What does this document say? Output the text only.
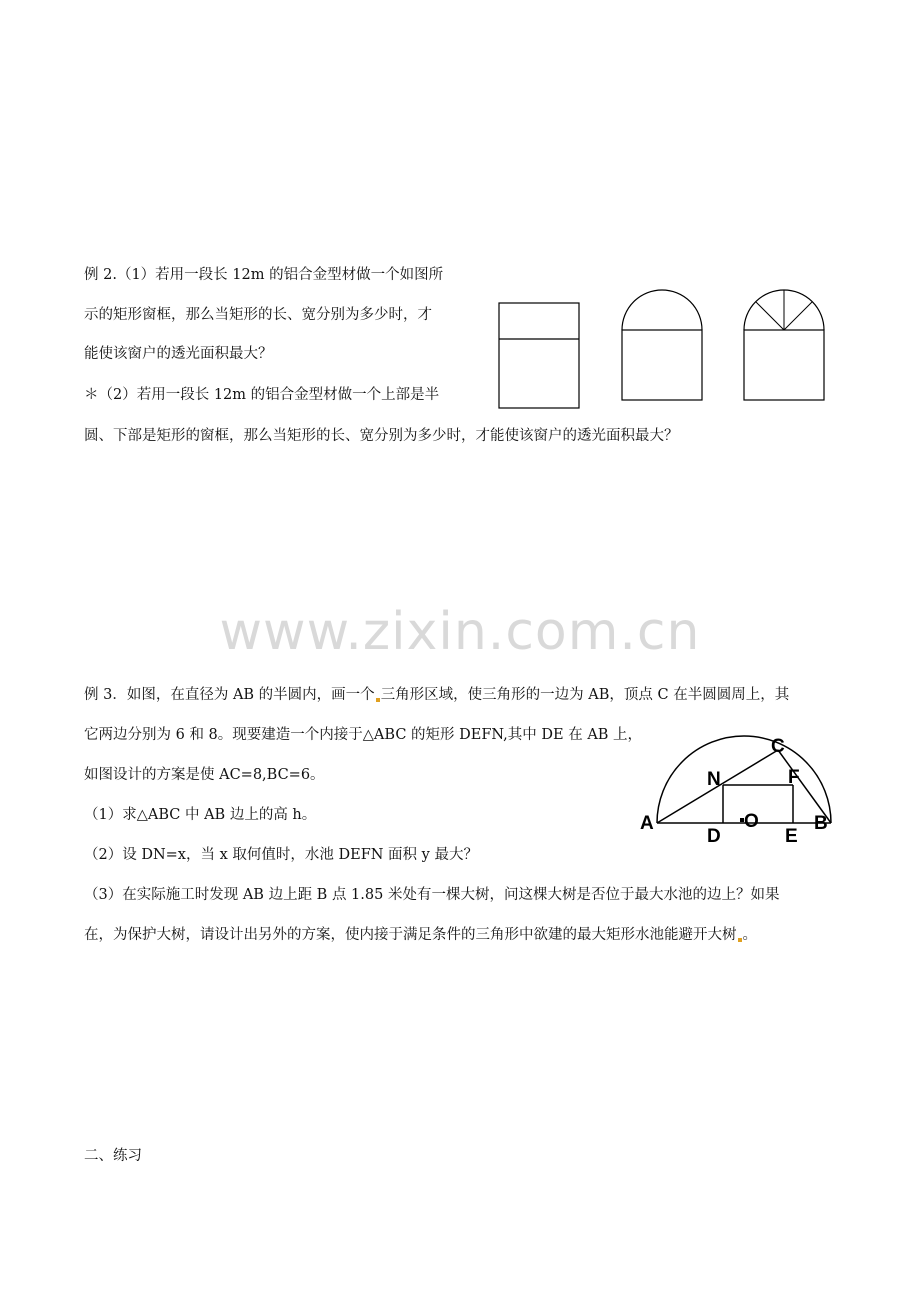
例 2.（1）若用一段长 12m 的铝合金型材做一个如图所
示的矩形窗框，那么当矩形的长、宽分别为多少时，才
能使该窗户的透光面积最大？
＊（2）若用一段长 12m 的铝合金型材做一个上部是半
圆、下部是矩形的窗框，那么当矩形的长、宽分别为多少时，才能使该窗户的透光面积最大？
www.zixin.com.cn
例 3．如图，在直径为 AB 的半圆内，画一个 三角形区域，使三角形的一边为 AB，顶点 C 在半圆圆周上，其
它两边分别为 6 和 8。现要建造一个内接于△ABC 的矩形 DEFN,其中 DE 在 AB 上，
如图设计的方案是使 AC=8,BC=6。
（1）求△ABC 中 AB 边上的高 h。
（2）设 DN=x，当 x 取何值时，水池 DEFN 面积 y 最大？
（3）在实际施工时发现 AB 边上距 B 点 1.85 米处有一棵大树，问这棵大树是否位于最大水池的边上？如果
在，为保护大树，请设计出另外的方案，使内接于满足条件的三角形中欲建的最大矩形水池能避开大树 。
A	B
C
N	F
D	E
O
二、练习
